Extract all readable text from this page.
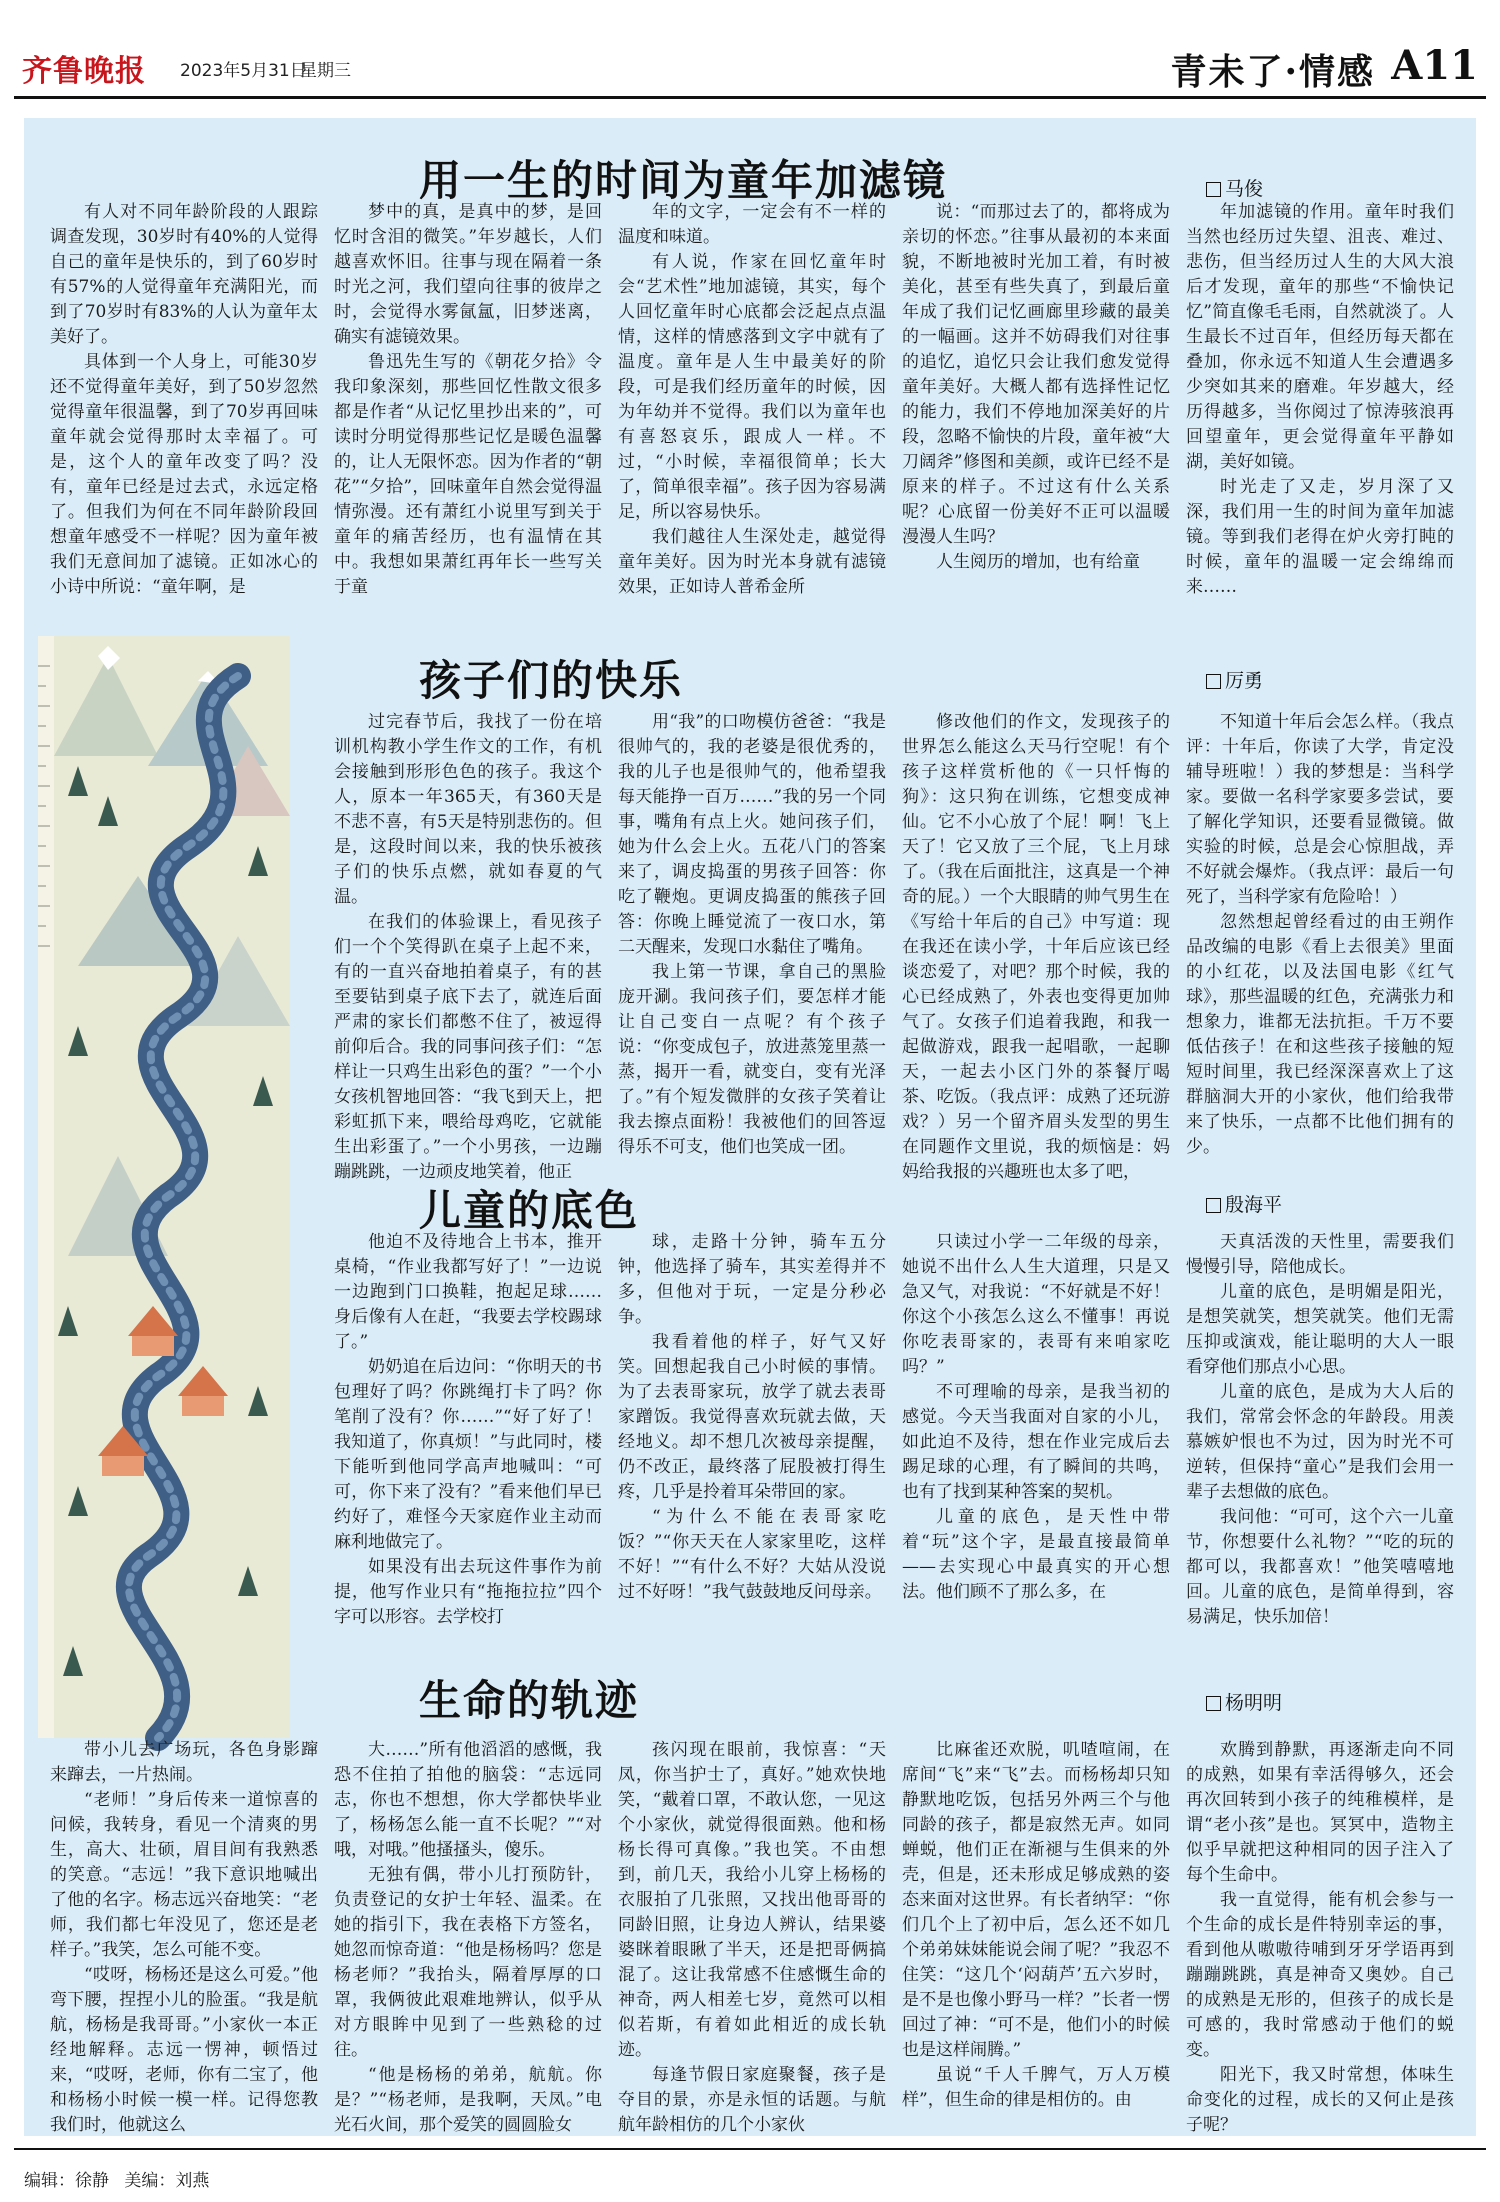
齐鲁晚报 2023年5月31日
星期三	青未了·情感 A11
用一生的时间为童年加滤镜	马俊

有人对不同年龄阶段的人跟踪调查发现，30岁时有40%的人觉得自己的童年是快乐的，到了60岁时有57%的人觉得童年充满阳光，而到了70岁时有83%的人认为童年太美好了。

具体到一个人身上，可能30岁还不觉得童年美好，到了50岁忽然觉得童年很温馨，到了70岁再回味童年就会觉得那时太幸福了。可是，这个人的童年改变了吗？没有，童年已经是过去式，永远定格了。但我们为何在不同年龄阶段回想童年感受不一样呢？因为童年被我们无意间加了滤镜。正如冰心的小诗中所说：“童年啊，是

梦中的真，是真中的梦，是回忆时含泪的微笑。”年岁越长，人们越喜欢怀旧。往事与现在隔着一条时光之河，我们望向往事的彼岸之时，会觉得水雾氤氲，旧梦迷离，确实有滤镜效果。

鲁迅先生写的《朝花夕拾》令我印象深刻，那些回忆性散文很多都是作者“从记忆里抄出来的”，可读时分明觉得那些记忆是暖色温馨的，让人无限怀恋。因为作者的“朝花”“夕拾”，回味童年自然会觉得温情弥漫。还有萧红小说里写到关于童年的痛苦经历，也有温情在其中。我想如果萧红再年长一些写关于童

年的文字，一定会有不一样的温度和味道。

有人说，作家在回忆童年时会“艺术性”地加滤镜，其实，每个人回忆童年时心底都会泛起点点温情，这样的情感落到文字中就有了温度。童年是人生中最美好的阶段，可是我们经历童年的时候，因为年幼并不觉得。我们以为童年也有喜怒哀乐，跟成人一样。不过，“小时候，幸福很简单；长大了，简单很幸福”。孩子因为容易满足，所以容易快乐。

我们越往人生深处走，越觉得童年美好。因为时光本身就有滤镜效果，正如诗人普希金所

说：“而那过去了的，都将成为亲切的怀恋。”往事从最初的本来面貌，不断地被时光加工着，有时被美化，甚至有些失真了，到最后童年成了我们记忆画廊里珍藏的最美的一幅画。这并不妨碍我们对往事的追忆，追忆只会让我们愈发觉得童年美好。大概人都有选择性记忆的能力，我们不停地加深美好的片段，忽略不愉快的片段，童年被“大刀阔斧”修图和美颜，或许已经不是原来的样子。不过这有什么关系呢？心底留一份美好不正可以温暖漫漫人生吗？

人生阅历的增加，也有给童

年加滤镜的作用。童年时我们当然也经历过失望、沮丧、难过、悲伤，但当经历过人生的大风大浪后才发现，童年的那些“不愉快记忆”简直像毛毛雨，自然就淡了。人生最长不过百年，但经历每天都在叠加，你永远不知道人生会遭遇多少突如其来的磨难。年岁越大，经历得越多，当你阅过了惊涛骇浪再回望童年，更会觉得童年平静如湖，美好如镜。

时光走了又走，岁月深了又深，我们用一生的时间为童年加滤镜。等到我们老得在炉火旁打盹的时候，童年的温暖一定会绵绵而来……

孩子们的快乐	厉勇

过完春节后，我找了一份在培训机构教小学生作文的工作，有机会接触到形形色色的孩子。我这个人，原本一年365天，有360天是不悲不喜，有5天是特别悲伤的。但是，这段时间以来，我的快乐被孩子们的快乐点燃，就如春夏的气温。

在我们的体验课上，看见孩子们一个个笑得趴在桌子上起不来，有的一直兴奋地拍着桌子，有的甚至要钻到桌子底下去了，就连后面严肃的家长们都憋不住了，被逗得前仰后合。我的同事问孩子们：“怎样让一只鸡生出彩色的蛋？”一个小女孩机智地回答：“我飞到天上，把彩虹抓下来，喂给母鸡吃，它就能生出彩蛋了。”一个小男孩，一边蹦蹦跳跳，一边顽皮地笑着，他正

用“我”的口吻模仿爸爸：“我是很帅气的，我的老婆是很优秀的，我的儿子也是很帅气的，他希望我每天能挣一百万……”我的另一个同事，嘴角有点上火。她问孩子们，她为什么会上火。五花八门的答案来了，调皮捣蛋的男孩子回答：你吃了鞭炮。更调皮捣蛋的熊孩子回答：你晚上睡觉流了一夜口水，第二天醒来，发现口水黏住了嘴角。

我上第一节课，拿自己的黑脸庞开涮。我问孩子们，要怎样才能让自己变白一点呢？有个孩子说：“你变成包子，放进蒸笼里蒸一蒸，揭开一看，就变白，变有光泽了。”有个短发微胖的女孩子笑着让我去擦点面粉！我被他们的回答逗得乐不可支，他们也笑成一团。

修改他们的作文，发现孩子的世界怎么能这么天马行空呢！有个孩子这样赏析他的《一只忏悔的狗》：这只狗在训练，它想变成神仙。它不小心放了个屁！啊！飞上天了！它又放了三个屁，飞上月球了。（我在后面批注，这真是一个神奇的屁。）一个大眼睛的帅气男生在《写给十年后的自己》中写道：现在我还在读小学，十年后应该已经谈恋爱了，对吧？那个时候，我的心已经成熟了，外表也变得更加帅气了。女孩子们追着我跑，和我一起做游戏，跟我一起唱歌，一起聊天，一起去小区门外的茶餐厅喝茶、吃饭。（我点评：成熟了还玩游戏？）另一个留齐眉头发型的男生在同题作文里说，我的烦恼是：妈妈给我报的兴趣班也太多了吧，

不知道十年后会怎么样。（我点评：十年后，你读了大学，肯定没辅导班啦！）我的梦想是：当科学家。要做一名科学家要多尝试，要了解化学知识，还要看显微镜。做实验的时候，总是会心惊胆战，弄不好就会爆炸。（我点评：最后一句死了，当科学家有危险哈！）

忽然想起曾经看过的由王朔作品改编的电影《看上去很美》里面的小红花，以及法国电影《红气球》，那些温暖的红色，充满张力和想象力，谁都无法抗拒。千万不要低估孩子！在和这些孩子接触的短短时间里，我已经深深喜欢上了这群脑洞大开的小家伙，他们给我带来了快乐，一点都不比他们拥有的少。

儿童的底色	殷海平

他迫不及待地合上书本，推开桌椅，“作业我都写好了！”一边说一边跑到门口换鞋，抱起足球……身后像有人在赶，“我要去学校踢球了。”

奶奶追在后边问：“你明天的书包理好了吗？你跳绳打卡了吗？你笔削了没有？你……”“好了好了！我知道了，你真烦！”与此同时，楼下能听到他同学高声地喊叫：“可可，你下来了没有？”看来他们早已约好了，难怪今天家庭作业主动而麻利地做完了。

如果没有出去玩这件事作为前提，他写作业只有“拖拖拉拉”四个字可以形容。去学校打

球，走路十分钟，骑车五分钟，他选择了骑车，其实差得并不多，但他对于玩，一定是分秒必争。

我看着他的样子，好气又好笑。回想起我自己小时候的事情。为了去表哥家玩，放学了就去表哥家蹭饭。我觉得喜欢玩就去做，天经地义。却不想几次被母亲提醒，仍不改正，最终落了屁股被打得生疼，几乎是拎着耳朵带回的家。

“为什么不能在表哥家吃饭？”“你天天在人家家里吃，这样不好！”“有什么不好？大姑从没说过不好呀！”我气鼓鼓地反问母亲。

只读过小学一二年级的母亲，她说不出什么人生大道理，只是又急又气，对我说：“不好就是不好！你这个小孩怎么这么不懂事！再说你吃表哥家的，表哥有来咱家吃吗？”

不可理喻的母亲，是我当初的感觉。今天当我面对自家的小儿，如此迫不及待，想在作业完成后去踢足球的心理，有了瞬间的共鸣，也有了找到某种答案的契机。

儿童的底色，是天性中带着“玩”这个字，是最直接最简单——去实现心中最真实的开心想法。他们顾不了那么多，在

天真活泼的天性里，需要我们慢慢引导，陪他成长。

儿童的底色，是明媚是阳光，是想笑就笑，想笑就笑。他们无需压抑或演戏，能让聪明的大人一眼看穿他们那点小心思。

儿童的底色，是成为大人后的我们，常常会怀念的年龄段。用羡慕嫉妒恨也不为过，因为时光不可逆转，但保持“童心”是我们会用一辈子去想做的底色。

我问他：“可可，这个六一儿童节，你想要什么礼物？”“吃的玩的都可以，我都喜欢！”他笑嘻嘻地回。儿童的底色，是简单得到，容易满足，快乐加倍！

生命的轨迹	杨明明

带小儿去广场玩，各色身影蹿来蹿去，一片热闹。

“老师！”身后传来一道惊喜的问候，我转身，看见一个清爽的男生，高大、壮硕，眉目间有我熟悉的笑意。“志远！”我下意识地喊出了他的名字。杨志远兴奋地笑：“老师，我们都七年没见了，您还是老样子。”我笑，怎么可能不变。

“哎呀，杨杨还是这么可爱。”他弯下腰，捏捏小儿的脸蛋。“我是航航，杨杨是我哥哥。”小家伙一本正经地解释。志远一愣神，顿悟过来，“哎呀，老师，你有二宝了，他和杨杨小时候一模一样。记得您教我们时，他就这么

大……”所有他滔滔的感慨，我恐不住拍了拍他的脑袋：“志远同志，你也不想想，你大学都快毕业了，杨杨怎么能一直不长呢？”“对哦，对哦。”他搔搔头，傻乐。

无独有偶，带小儿打预防针，负责登记的女护士年轻、温柔。在她的指引下，我在表格下方签名，她忽而惊奇道：“他是杨杨吗？您是杨老师？”我抬头，隔着厚厚的口罩，我俩彼此艰难地辨认，似乎从对方眼眸中见到了一些熟稔的过往。

“他是杨杨的弟弟，航航。你是？”“杨老师，是我啊，天凤。”电光石火间，那个爱笑的圆圆脸女

孩闪现在眼前，我惊喜：“天凤，你当护士了，真好。”她欢快地笑，“戴着口罩，不敢认您，一见这个小家伙，就觉得很面熟。他和杨杨长得可真像。”我也笑。不由想到，前几天，我给小儿穿上杨杨的衣服拍了几张照，又找出他哥哥的同龄旧照，让身边人辨认，结果婆婆眯着眼瞅了半天，还是把哥俩搞混了。这让我常感不住感慨生命的神奇，两人相差七岁，竟然可以相似若斯，有着如此相近的成长轨迹。

每逢节假日家庭聚餐，孩子是夺目的景，亦是永恒的话题。与航航年龄相仿的几个小家伙

比麻雀还欢脱，叽喳喧闹，在席间“飞”来“飞”去。而杨杨却只知静默地吃饭，包括另外两三个与他同龄的孩子，都是寂然无声。如同蝉蜕，他们正在渐褪与生俱来的外壳，但是，还未形成足够成熟的姿态来面对这世界。有长者纳罕：“你们几个上了初中后，怎么还不如几个弟弟妹妹能说会闹了呢？”我忍不住笑：“这几个‘闷葫芦’五六岁时，是不是也像小野马一样？”长者一愣回过了神：“可不是，他们小的时候也是这样闹腾。”

虽说“千人千脾气，万人万模样”，但生命的律是相仿的。由

欢腾到静默，再逐渐走向不同的成熟，如果有幸活得够久，还会再次回转到小孩子的纯稚模样，是谓“老小孩”是也。冥冥中，造物主似乎早就把这种相同的因子注入了每个生命中。

我一直觉得，能有机会参与一个生命的成长是件特别幸运的事，看到他从嗷嗷待哺到牙牙学语再到蹦蹦跳跳，真是神奇又奥妙。自己的成熟是无形的，但孩子的成长是可感的，我时常感动于他们的蜕变。

阳光下，我又时常想，体味生命变化的过程，成长的又何止是孩子呢？

编辑：徐静 美编：刘燕
